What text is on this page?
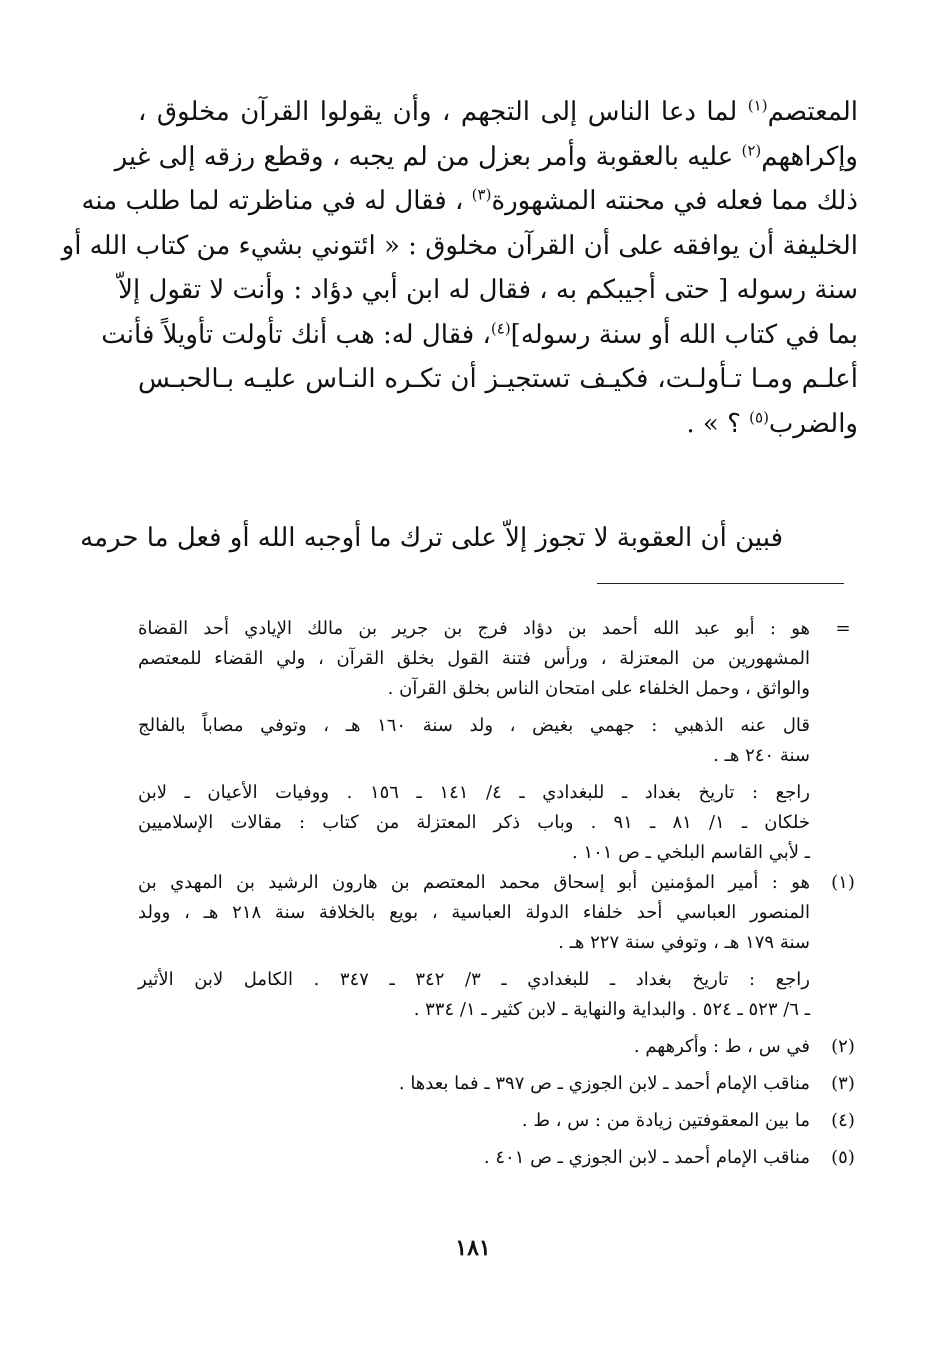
المعتصم$^{(١)}$ لما دعا الناس إلى التجهم ، وأن يقولوا القرآن مخلوق ،
وإكراههم$^{(٢)}$ عليه بالعقوبة وأمر بعزل من لم يجبه ، وقطع رزقه إلى غير
ذلك مما فعله في محنته المشهورة$^{(٣)}$ ، فقال له في مناظرته لما طلب منه
الخليفة أن يوافقه على أن القرآن مخلوق : « ائتوني بشيء من كتاب الله أو
سنة رسوله [ حتى أجيبكم به ، فقال له ابن أبي دؤاد : وأنت لا تقول إلاّ
بما في كتاب الله أو سنة رسوله]$^{(٤)}$، فقال له: هب أنك تأولت تأويلاً فأنت
أعلـم ومـا تـأولـت، فكيـف تستجيـز أن تكـره النـاس عليـه بـالحبـس
والضرب$^{(٥)}$ ؟ » .
فبين أن العقوبة لا تجوز إلاّ على ترك ما أوجبه الله أو فعل ما حرمه
=
هو : أبو عبد الله أحمد بن دؤاد فرج بن جرير بن مالك الإيادي أحد القضاة
المشهورين من المعتزلة ، ورأس فتنة القول بخلق القرآن ، ولي القضاء للمعتصم
والواثق ، وحمل الخلفاء على امتحان الناس بخلق القرآن .
قال عنه الذهبي : جهمي بغيض ، ولد سنة ١٦٠ هـ ، وتوفي مصاباً بالفالج
سنة ٢٤٠ هـ .
راجع : تاريخ بغداد ـ للبغدادي ـ ٤/ ١٤١ ـ ١٥٦ . ووفيات الأعيان ـ لابن
خلكان ـ ١/ ٨١ ـ ٩١ . وباب ذكر المعتزلة من كتاب : مقالات الإسلاميين
ـ لأبي القاسم البلخي ـ ص ١٠١ .
(١)
هو : أمير المؤمنين أبو إسحاق محمد المعتصم بن هارون الرشيد بن المهدي بن
المنصور العباسي أحد خلفاء الدولة العباسية ، بويع بالخلافة سنة ٢١٨ هـ ، وولد
سنة ١٧٩ هـ ، وتوفي سنة ٢٢٧ هـ .
راجع : تاريخ بغداد ـ للبغدادي ـ ٣/ ٣٤٢ ـ ٣٤٧ . الكامل لابن الأثير
ـ ٦/ ٥٢٣ ـ ٥٢٤ . والبداية والنهاية ـ لابن كثير ـ ١/ ٣٣٤ .
(٢)
في س ، ط : وأكرههم .
(٣)
مناقب الإمام أحمد ـ لابن الجوزي ـ ص ٣٩٧ ـ فما بعدها .
(٤)
ما بين المعقوفتين زيادة من : س ، ط .
(٥)
مناقب الإمام أحمد ـ لابن الجوزي ـ ص ٤٠١ .
١٨١
